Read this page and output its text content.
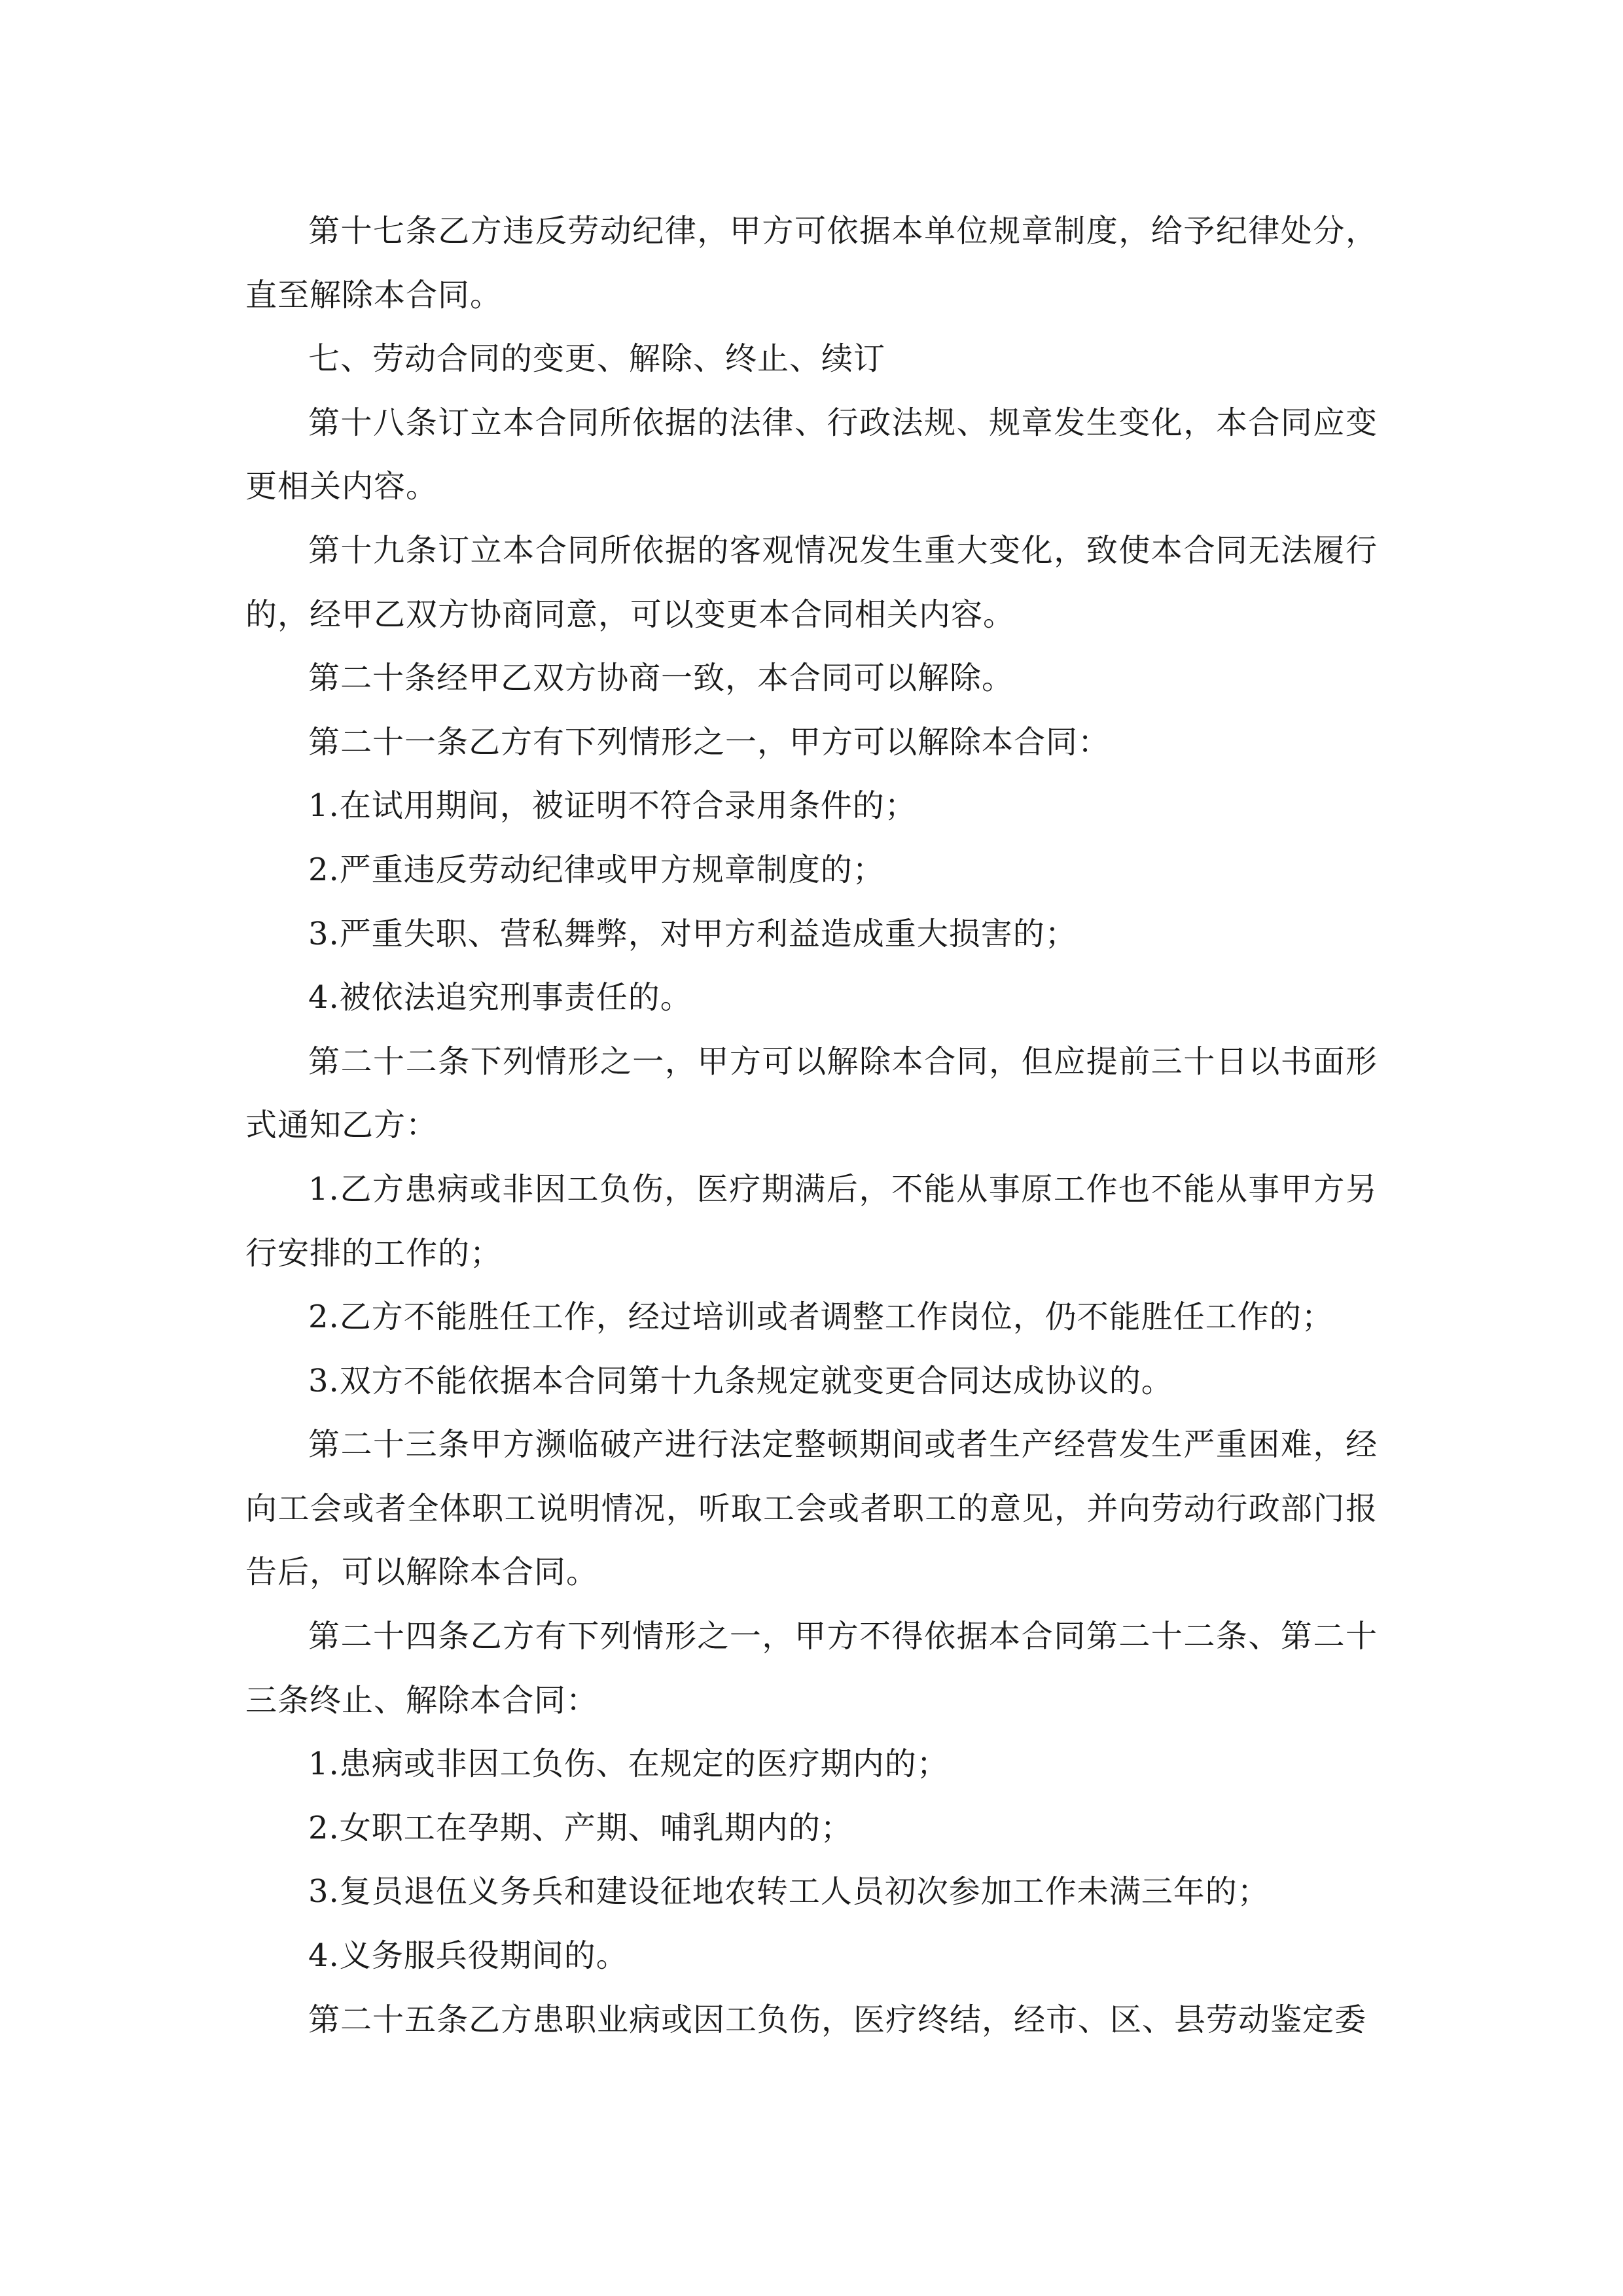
第十七条乙方违反劳动纪律，甲方可依据本单位规章制度，给予纪律处分，直至解除本合同。

七、劳动合同的变更、解除、终止、续订

第十八条订立本合同所依据的法律、行政法规、规章发生变化，本合同应变更相关内容。

第十九条订立本合同所依据的客观情况发生重大变化，致使本合同无法履行的，经甲乙双方协商同意，可以变更本合同相关内容。

第二十条经甲乙双方协商一致，本合同可以解除。

第二十一条乙方有下列情形之一，甲方可以解除本合同：

1.在试用期间，被证明不符合录用条件的；

2.严重违反劳动纪律或甲方规章制度的；

3.严重失职、营私舞弊，对甲方利益造成重大损害的；

4.被依法追究刑事责任的。

第二十二条下列情形之一，甲方可以解除本合同，但应提前三十日以书面形式通知乙方：

1.乙方患病或非因工负伤，医疗期满后，不能从事原工作也不能从事甲方另行安排的工作的；

2.乙方不能胜任工作，经过培训或者调整工作岗位，仍不能胜任工作的；

3.双方不能依据本合同第十九条规定就变更合同达成协议的。

第二十三条甲方濒临破产进行法定整顿期间或者生产经营发生严重困难，经向工会或者全体职工说明情况，听取工会或者职工的意见，并向劳动行政部门报告后，可以解除本合同。

第二十四条乙方有下列情形之一，甲方不得依据本合同第二十二条、第二十三条终止、解除本合同：

1.患病或非因工负伤、在规定的医疗期内的；

2.女职工在孕期、产期、哺乳期内的；

3.复员退伍义务兵和建设征地农转工人员初次参加工作未满三年的；

4.义务服兵役期间的。

第二十五条乙方患职业病或因工负伤，医疗终结，经市、区、县劳动鉴定委
